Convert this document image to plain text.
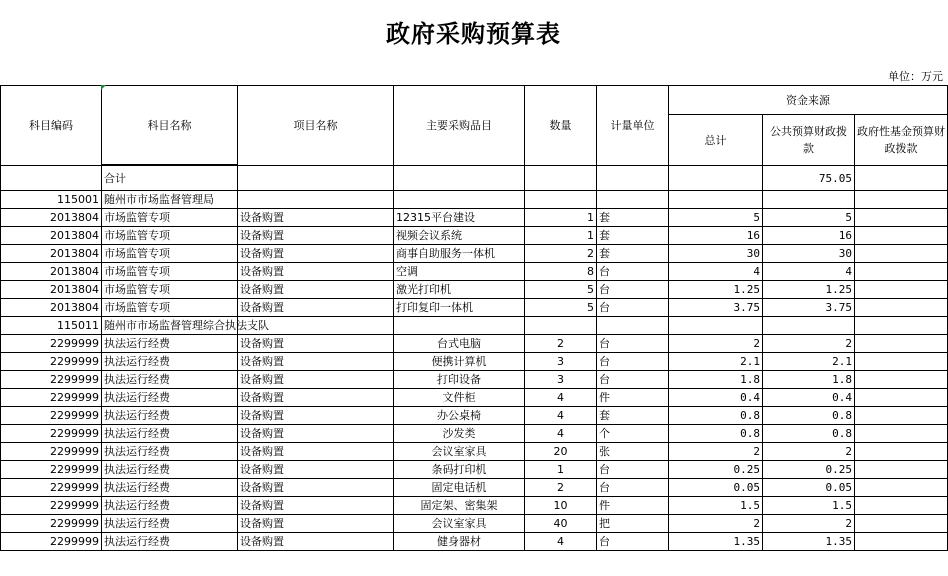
政府采购预算表
单位：万元
科目编码	科目名称	项目名称	主要采购品目	数量	计量单位	资金来源		
						总计	公共预算财政拨款	政府性基金预算财政拨款

	合计						75.05	
115001	随州市市场监督管理局							
2013804	市场监管专项	设备购置	12315平台建设	1	套	5	5	
2013804	市场监管专项	设备购置	视频会议系统	1	套	16	16	
2013804	市场监管专项	设备购置	商事自助服务一体机	2	套	30	30	
2013804	市场监管专项	设备购置	空调	8	台	4	4	
2013804	市场监管专项	设备购置	激光打印机	5	台	1.25	1.25	
2013804	市场监管专项	设备购置	打印复印一体机	5	台	3.75	3.75	
115011	随州市市场监督管理综合执法支队							
2299999	执法运行经费	设备购置	台式电脑	2	台	2	2	
2299999	执法运行经费	设备购置	便携计算机	3	台	2.1	2.1	
2299999	执法运行经费	设备购置	打印设备	3	台	1.8	1.8	
2299999	执法运行经费	设备购置	文件柜	4	件	0.4	0.4	
2299999	执法运行经费	设备购置	办公桌椅	4	套	0.8	0.8	
2299999	执法运行经费	设备购置	沙发类	4	个	0.8	0.8	
2299999	执法运行经费	设备购置	会议室家具	20	张	2	2	
2299999	执法运行经费	设备购置	条码打印机	1	台	0.25	0.25	
2299999	执法运行经费	设备购置	固定电话机	2	台	0.05	0.05	
2299999	执法运行经费	设备购置	固定架、密集架	10	件	1.5	1.5	
2299999	执法运行经费	设备购置	会议室家具	40	把	2	2	
2299999	执法运行经费	设备购置	健身器材	4	台	1.35	1.35	
